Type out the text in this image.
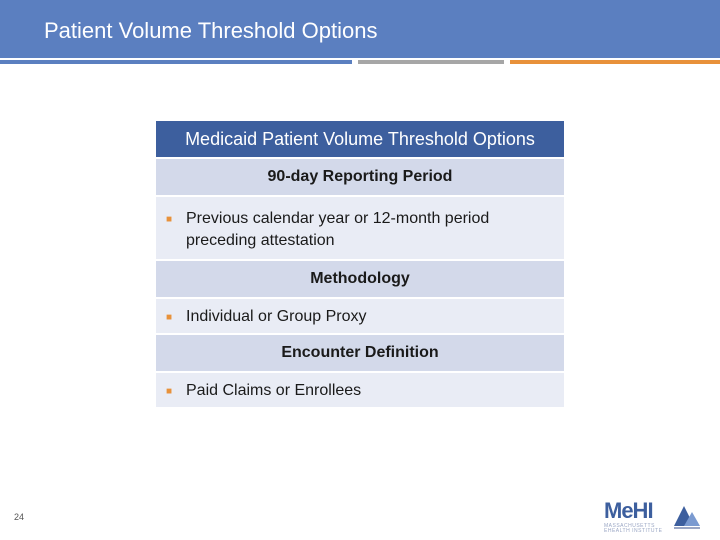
Patient Volume Threshold Options
Medicaid Patient Volume Threshold Options
90-day Reporting Period
■ Previous calendar year or 12-month period preceding attestation
Methodology
■ Individual or Group Proxy
Encounter Definition
■ Paid Claims or Enrollees
24	MeHI
MASSACHUSETTS EHEALTH INSTITUTE
